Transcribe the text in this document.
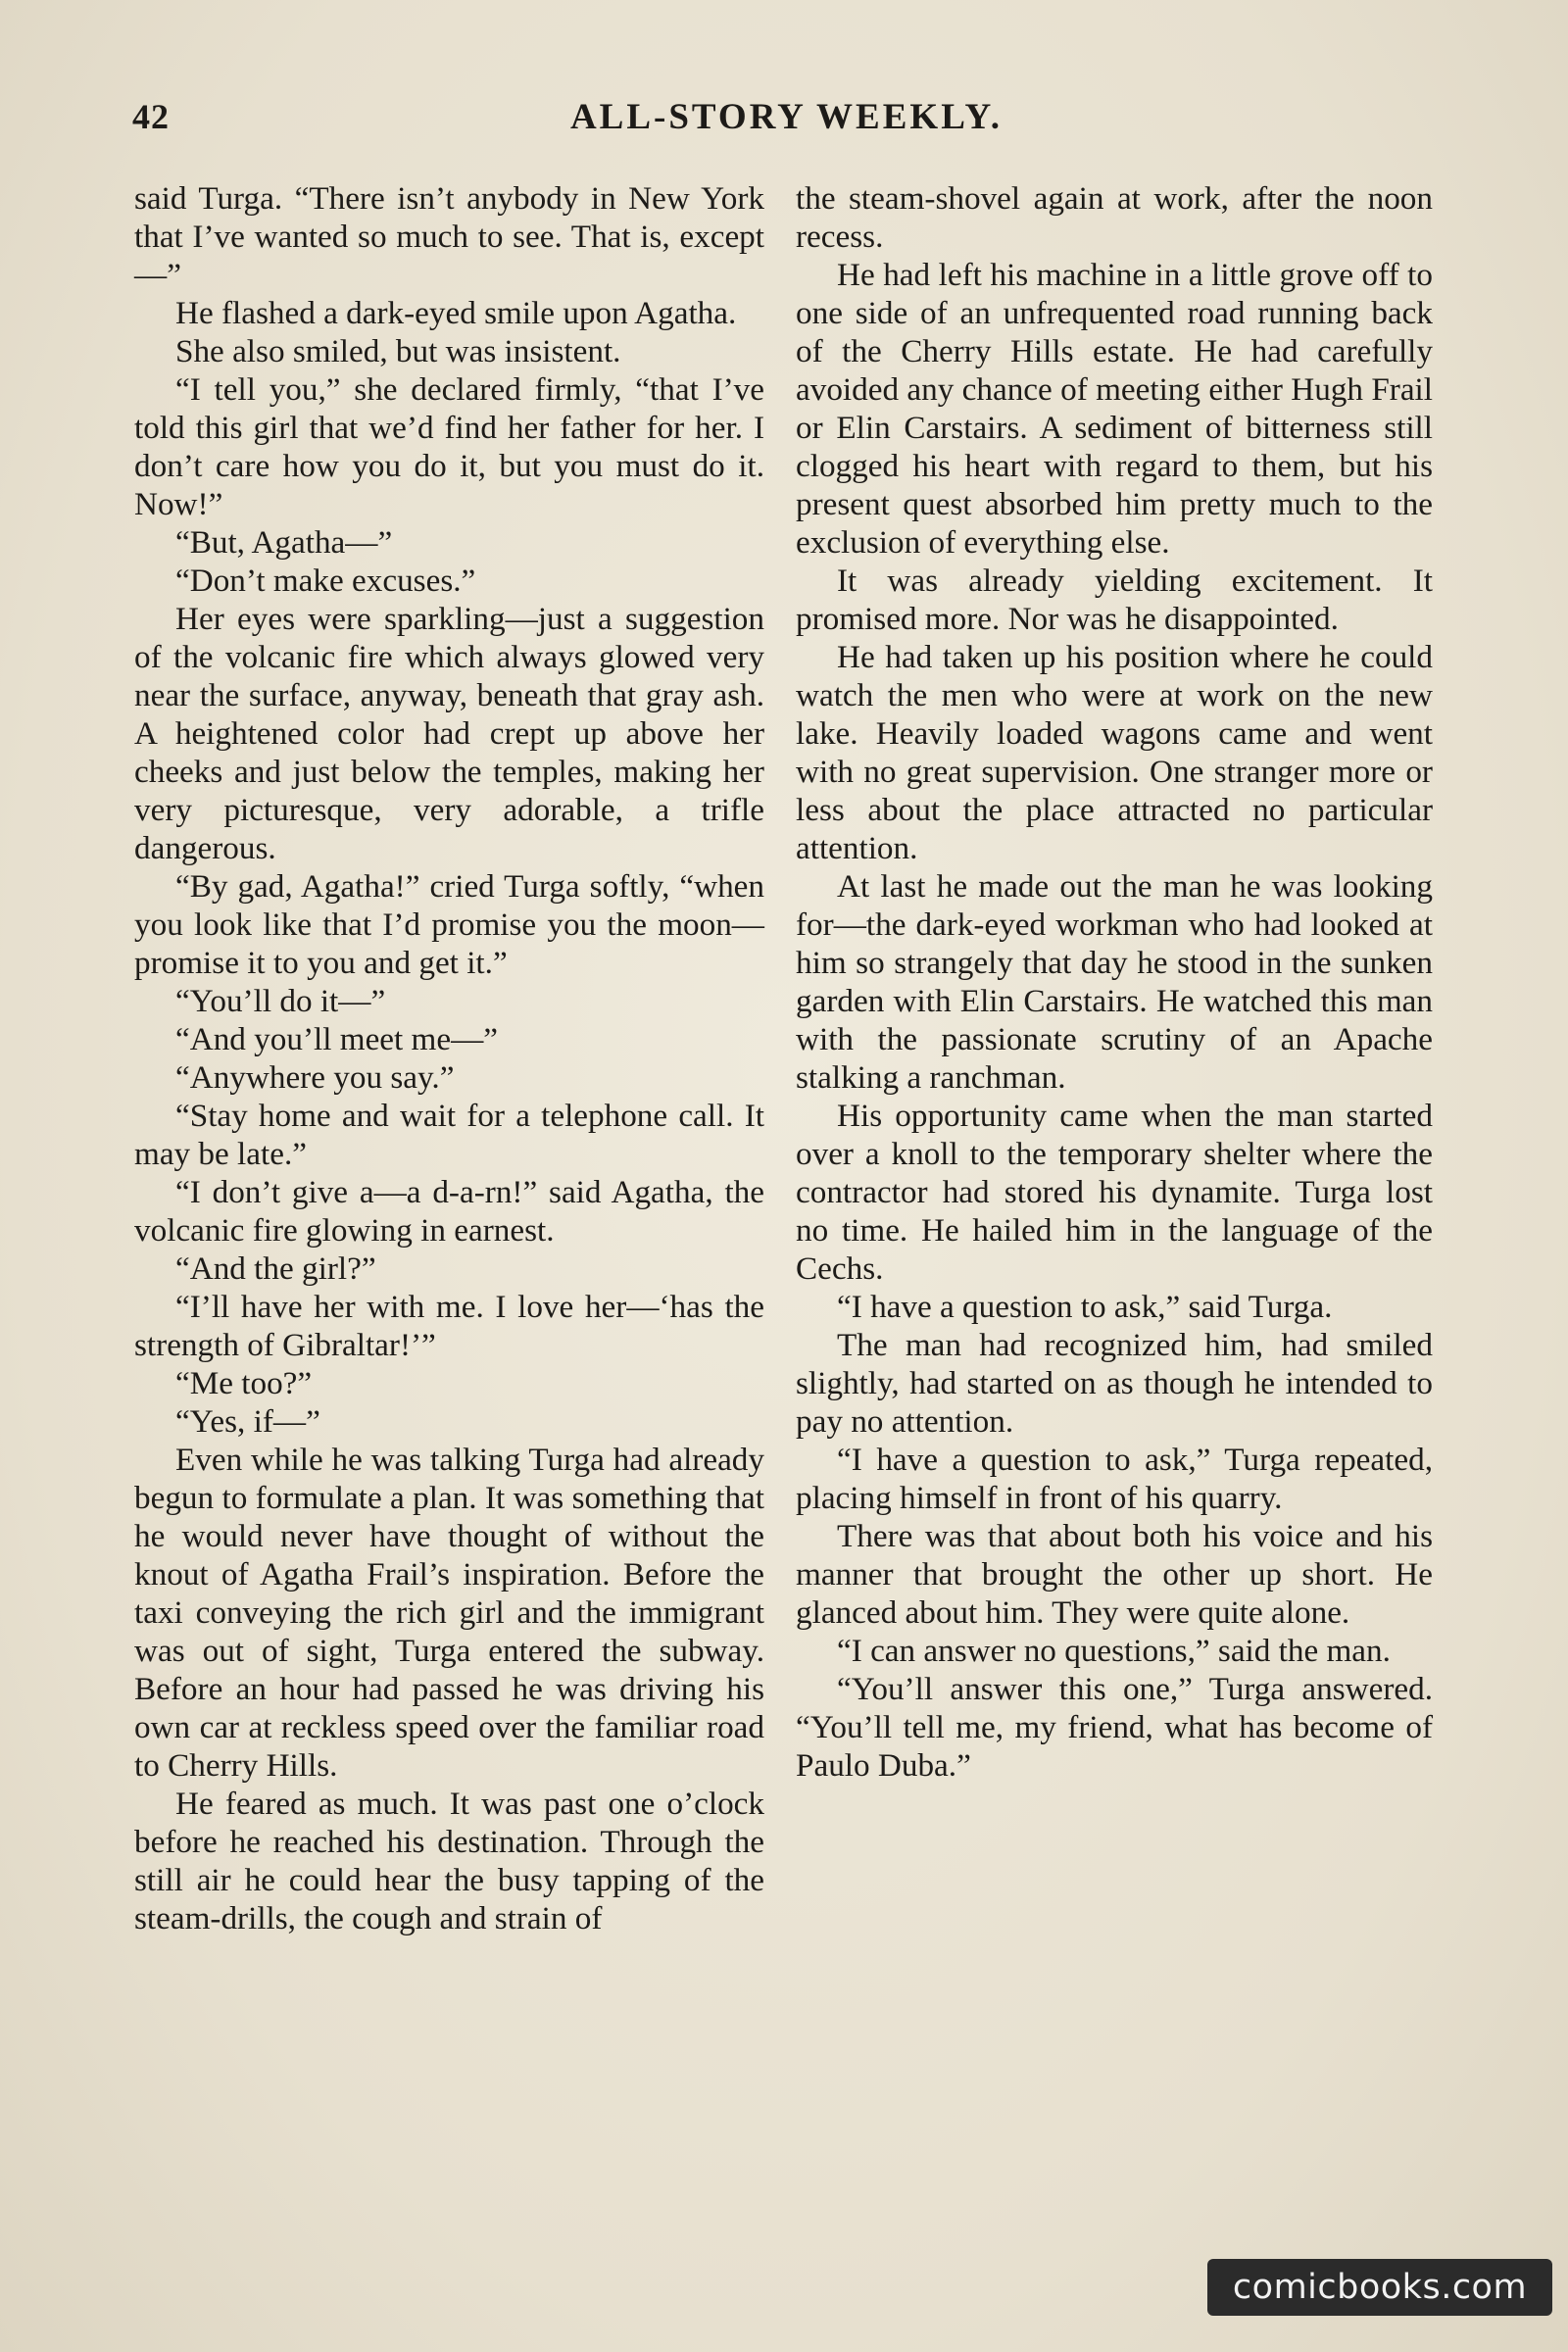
42	ALL-STORY WEEKLY.

said Turga. “There isn’t anybody in New York that I’ve wanted so much to see. That is, except—”

He flashed a dark-eyed smile upon Agatha.

She also smiled, but was insistent.

“I tell you,” she declared firmly, “that I’ve told this girl that we’d find her father for her. I don’t care how you do it, but you must do it. Now!”

“But, Agatha—”

“Don’t make excuses.”

Her eyes were sparkling—just a suggestion of the volcanic fire which always glowed very near the surface, anyway, beneath that gray ash. A heightened color had crept up above her cheeks and just below the temples, making her very picturesque, very adorable, a trifle dangerous.

“By gad, Agatha!” cried Turga softly, “when you look like that I’d promise you the moon—promise it to you and get it.”

“You’ll do it—”

“And you’ll meet me—”

“Anywhere you say.”

“Stay home and wait for a telephone call. It may be late.”

“I don’t give a—a d-a-rn!” said Agatha, the volcanic fire glowing in earnest.

“And the girl?”

“I’ll have her with me. I love her—‘has the strength of Gibraltar!’”

“Me too?”

“Yes, if—”

Even while he was talking Turga had already begun to formulate a plan. It was something that he would never have thought of without the knout of Agatha Frail’s inspiration. Before the taxi conveying the rich girl and the immigrant was out of sight, Turga entered the subway. Before an hour had passed he was driving his own car at reckless speed over the familiar road to Cherry Hills.

He feared as much. It was past one o’clock before he reached his destination. Through the still air he could hear the busy tapping of the steam-drills, the cough and strain of

the steam-shovel again at work, after the noon recess.

He had left his machine in a little grove off to one side of an unfrequented road running back of the Cherry Hills estate. He had carefully avoided any chance of meeting either Hugh Frail or Elin Carstairs. A sediment of bitterness still clogged his heart with regard to them, but his present quest absorbed him pretty much to the exclusion of everything else.

It was already yielding excitement. It promised more. Nor was he disappointed.

He had taken up his position where he could watch the men who were at work on the new lake. Heavily loaded wagons came and went with no great supervision. One stranger more or less about the place attracted no particular attention.

At last he made out the man he was looking for—the dark-eyed workman who had looked at him so strangely that day he stood in the sunken garden with Elin Carstairs. He watched this man with the passionate scrutiny of an Apache stalking a ranchman.

His opportunity came when the man started over a knoll to the temporary shelter where the contractor had stored his dynamite. Turga lost no time. He hailed him in the language of the Cechs.

“I have a question to ask,” said Turga.

The man had recognized him, had smiled slightly, had started on as though he intended to pay no attention.

“I have a question to ask,” Turga repeated, placing himself in front of his quarry.

There was that about both his voice and his manner that brought the other up short. He glanced about him. They were quite alone.

“I can answer no questions,” said the man.

“You’ll answer this one,” Turga answered. “You’ll tell me, my friend, what has become of Paulo Duba.”

comicbooks.com
